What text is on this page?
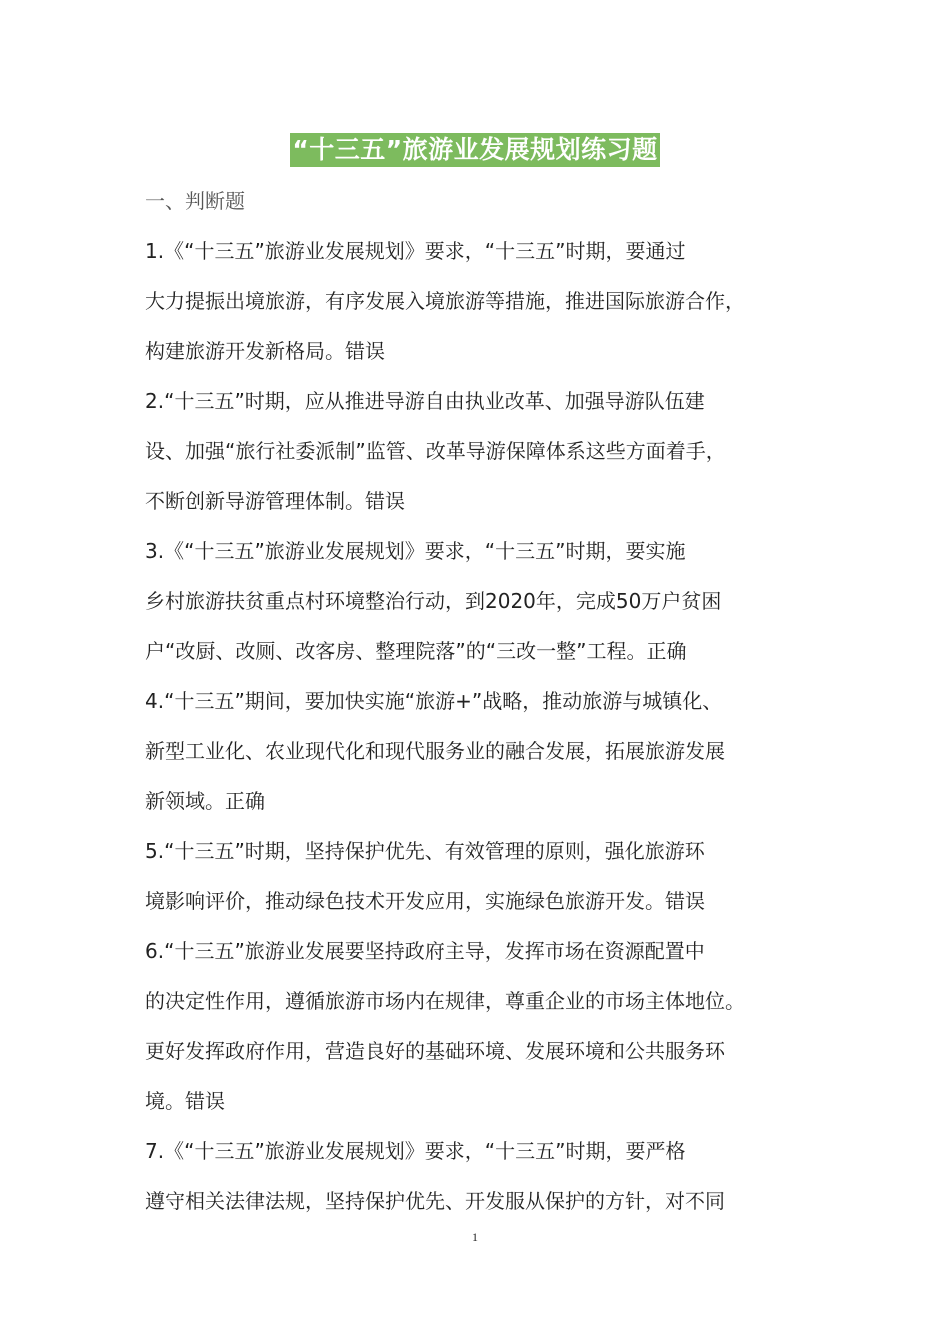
“十三五”旅游业发展规划练习题
一、判断题
1.《“十三五”旅游业发展规划》要求，“十三五”时期，要通过
大力提振出境旅游，有序发展入境旅游等措施，推进国际旅游合作，
构建旅游开发新格局。错误
2.“十三五”时期，应从推进导游自由执业改革、加强导游队伍建
设、加强“旅行社委派制”监管、改革导游保障体系这些方面着手，
不断创新导游管理体制。错误
3.《“十三五”旅游业发展规划》要求，“十三五”时期，要实施
乡村旅游扶贫重点村环境整治行动，到2020年，完成50万户贫困
户“改厨、改厕、改客房、整理院落”的“三改一整”工程。正确
4.“十三五”期间，要加快实施“旅游+”战略，推动旅游与城镇化、
新型工业化、农业现代化和现代服务业的融合发展，拓展旅游发展
新领域。正确
5.“十三五”时期，坚持保护优先、有效管理的原则，强化旅游环
境影响评价，推动绿色技术开发应用，实施绿色旅游开发。错误
6.“十三五”旅游业发展要坚持政府主导，发挥市场在资源配置中
的决定性作用，遵循旅游市场内在规律，尊重企业的市场主体地位。
更好发挥政府作用，营造良好的基础环境、发展环境和公共服务环
境。错误
7.《“十三五”旅游业发展规划》要求，“十三五”时期，要严格
遵守相关法律法规，坚持保护优先、开发服从保护的方针，对不同
1
